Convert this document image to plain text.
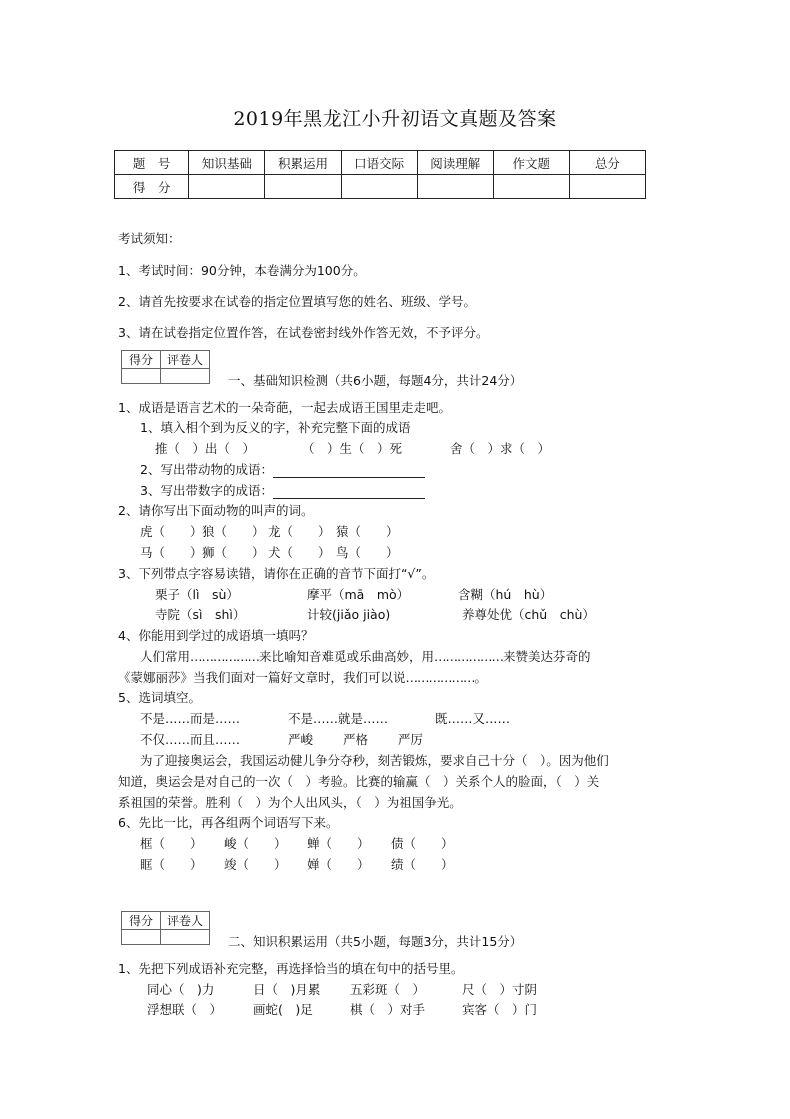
2019年黑龙江小升初语文真题及答案
题　号	知识基础	积累运用	口语交际	阅读理解	作文题	总分
得　分						
考试须知：
1、考试时间：90分钟，本卷满分为100分。
2、请首先按要求在试卷的指定位置填写您的姓名、班级、学号。
3、请在试卷指定位置作答，在试卷密封线外作答无效，不予评分。
得分	评卷人

一、基础知识检测（共6小题，每题4分，共计24分）
1、成语是语言艺术的一朵奇葩，一起去成语王国里走走吧。
1、填入相个到为反义的字，补充完整下面的成语
推（　）出（　）	（　）生（　）死	舍（　）求（　）
2、写出带动物的成语：
3、写出带数字的成语：
2、请你写出下面动物的叫声的词。
虎（　　） 狼（　　） 龙（　　） 猿（　　）
马（　　） 狮（　　） 犬（　　） 鸟（　　）
3、下列带点字容易读错，请你在正确的音节下面打“√”。
栗子（lì　sù）	摩平（mā　mò）	含糊（hú　hù）
寺院（sì　shì）	计较(jiǎo jiào)	养尊处优（chǔ　chù）
4、你能用到学过的成语填一填吗？
人们常用………………来比喻知音难觅或乐曲高妙，用………………来赞美达芬奇的
《蒙娜丽莎》当我们面对一篇好文章时，我们可以说………………。
5、选词填空。
不是……而是……	不是……就是……	既……又……
不仅……而且……	严峻 严格 严厉
为了迎接奥运会，我国运动健儿争分夺秒，刻苦锻炼，要求自己十分（　）。因为他们
知道，奥运会是对自己的一次（　）考验。比赛的输赢（　）关系个人的脸面，（　）关
系祖国的荣誉。胜利（　）为个人出风头，（　）为祖国争光。
6、先比一比，再各组两个词语写下来。
框（　　） 峻（　　） 蝉（　　） 债（　　）
眶（　　） 竣（　　） 婵（　　） 绩（　　）
得分	评卷人

二、知识积累运用（共5小题，每题3分，共计15分）
1、先把下列成语补充完整，再选择恰当的填在句中的括号里。
同心（　)力	日（　)月累 五彩斑（　）	尺（　）寸阴
浮想联（　） 画蛇(　)足	棋（　）对手	宾客（　）门
